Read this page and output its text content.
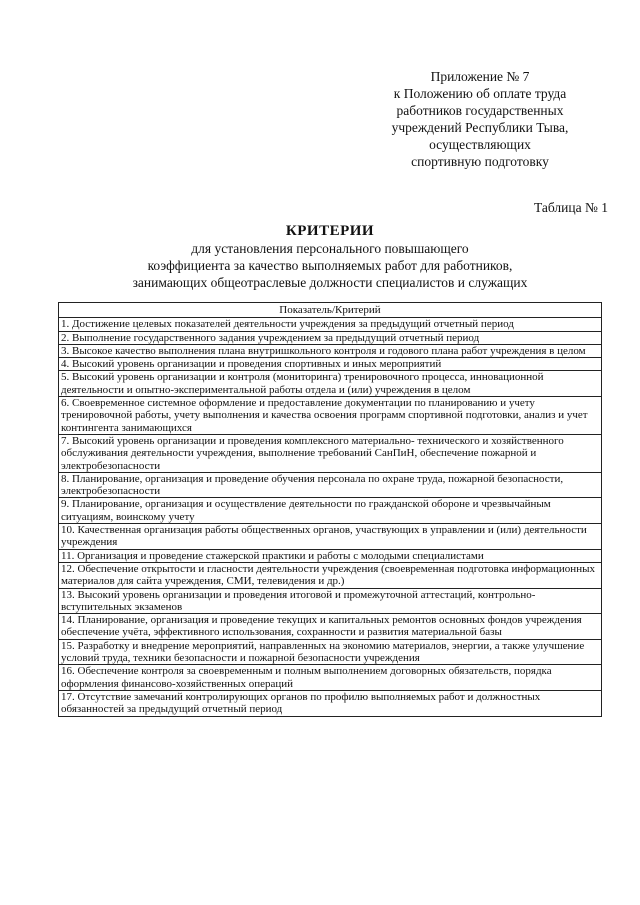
Приложение № 7
к Положению об оплате труда
работников государственных
учреждений Республики Тыва,
осуществляющих
спортивную подготовку
Таблица № 1
КРИТЕРИИ
для установления персонального повышающего
коэффициента за качество выполняемых работ для работников,
занимающих общеотраслевые должности специалистов и служащих
Показатель/Критерий
1. Достижение целевых показателей деятельности учреждения за предыдущий отчетный период
2. Выполнение государственного задания учреждением за предыдущий отчетный период
3. Высокое качество выполнения плана внутришкольного контроля и годового плана работ учреждения в целом
4. Высокий уровень организации и проведения спортивных и иных мероприятий
5. Высокий уровень организации и контроля (мониторинга) тренировочного процесса, инновационной деятельности и опытно-экспериментальной работы отдела и (или) учреждения в целом
6. Своевременное системное оформление и предоставление документации по планированию и учету тренировочной работы, учету выполнения и качества освоения программ спортивной подготовки, анализ и учет контингента занимающихся
7. Высокий уровень организации и проведения комплексного материально- технического и хозяйственного обслуживания деятельности учреждения, выполнение требований СанПиН, обеспечение пожарной и электробезопасности
8. Планирование, организация и проведение обучения персонала по охране труда, пожарной безопасности, электробезопасности
9. Планирование, организация и осуществление деятельности по гражданской обороне и чрезвычайным ситуациям, воинскому учету
10. Качественная организация работы общественных органов, участвующих в управлении и (или) деятельности учреждения
11. Организация и проведение стажерской практики и работы с молодыми специалистами
12. Обеспечение открытости и гласности деятельности учреждения (своевременная подготовка информационных материалов для сайта учреждения, СМИ, телевидения и др.)
13. Высокий уровень организации и проведения итоговой и промежуточной аттестаций, контрольно-вступительных экзаменов
14. Планирование, организация и проведение текущих и капитальных ремонтов основных фондов учреждения обеспечение учёта, эффективного использования, сохранности и развития материальной базы
15. Разработку и внедрение мероприятий, направленных на экономию материалов, энергии, а также улучшение условий труда, техники безопасности и пожарной безопасности учреждения
16. Обеспечение контроля за своевременным и полным выполнением договорных обязательств, порядка оформления финансово-хозяйственных операций
17. Отсутствие замечаний контролирующих органов по профилю выполняемых работ и должностных обязанностей за предыдущий отчетный период
